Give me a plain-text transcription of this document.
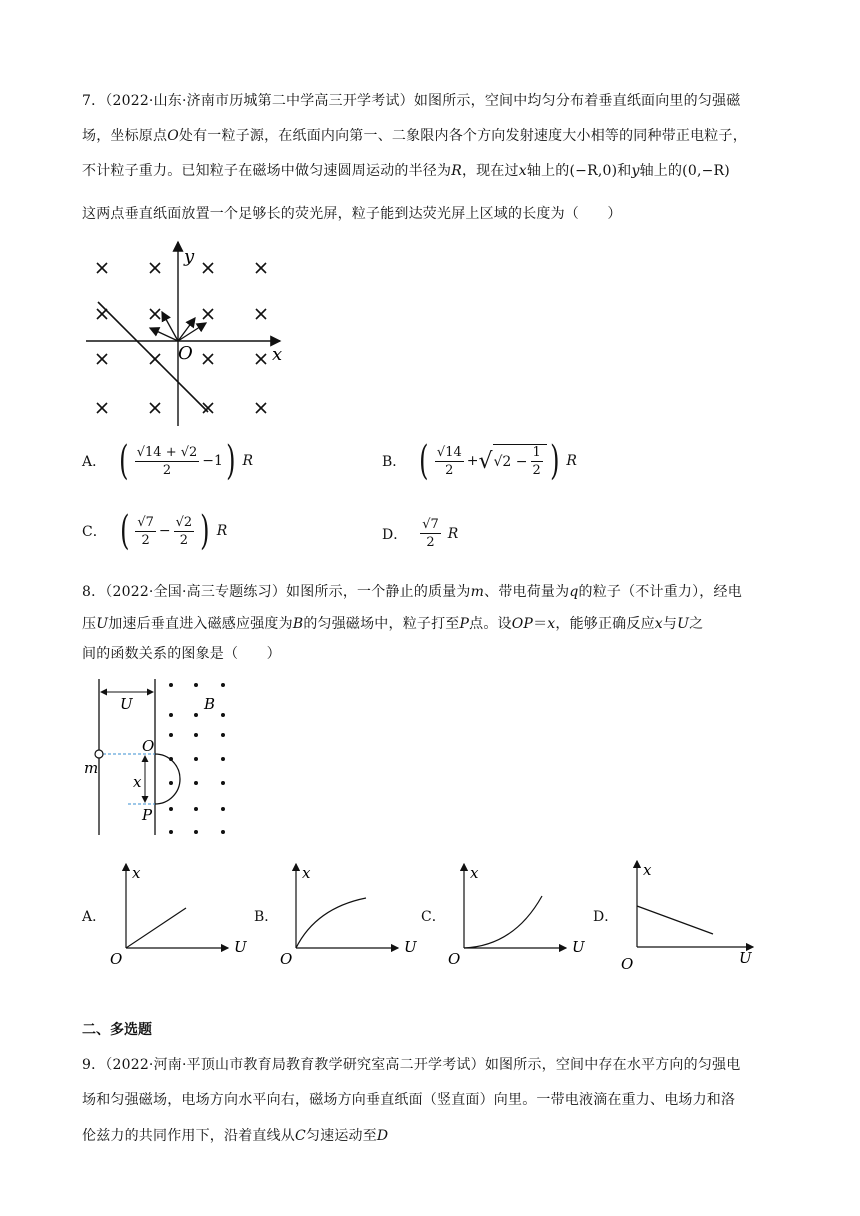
7．（2022·山东·济南市历城第二中学高三开学考试）如图所示，空间中均匀分布着垂直纸面向里的匀强磁
场，坐标原点O处有一粒子源，在纸面内向第一、二象限内各个方向发射速度大小相等的同种带正电粒子，
不计粒子重力。已知粒子在磁场中做匀速圆周运动的半径为R，现在过x轴上的(−R,0)和y轴上的(0,−R)
这两点垂直纸面放置一个足够长的荧光屏，粒子能到达荧光屏上区域的长度为（　　）
y
x
O
A． ( $\frac{√14 + √2}{2} -1$ ) R	B． ( $\frac{√14}{2}$ + √ $√2 - \frac{1}{2}$ ) R
C． ( $\frac{√7}{2} - \frac{√2}{2}$ ) R	D． $\frac{√7}{2}$ R
8．（2022·全国·高三专题练习）如图所示，一个静止的质量为m、带电荷量为q的粒子（不计重力），经电
压U加速后垂直进入磁感应强度为B的匀强磁场中，粒子打至P点。设OP＝x，能够正确反应x与U之
间的函数关系的图象是（　　）
U	B
O
m
x
P
A．
x
O
U
B．
x
O
U
C．
x
O
U
D．
x
O	U
二、多选题
9．（2022·河南·平顶山市教育局教育教学研究室高二开学考试）如图所示，空间中存在水平方向的匀强电
场和匀强磁场，电场方向水平向右，磁场方向垂直纸面（竖直面）向里。一带电液滴在重力、电场力和洛
伦兹力的共同作用下，沿着直线从C匀速运动至D
